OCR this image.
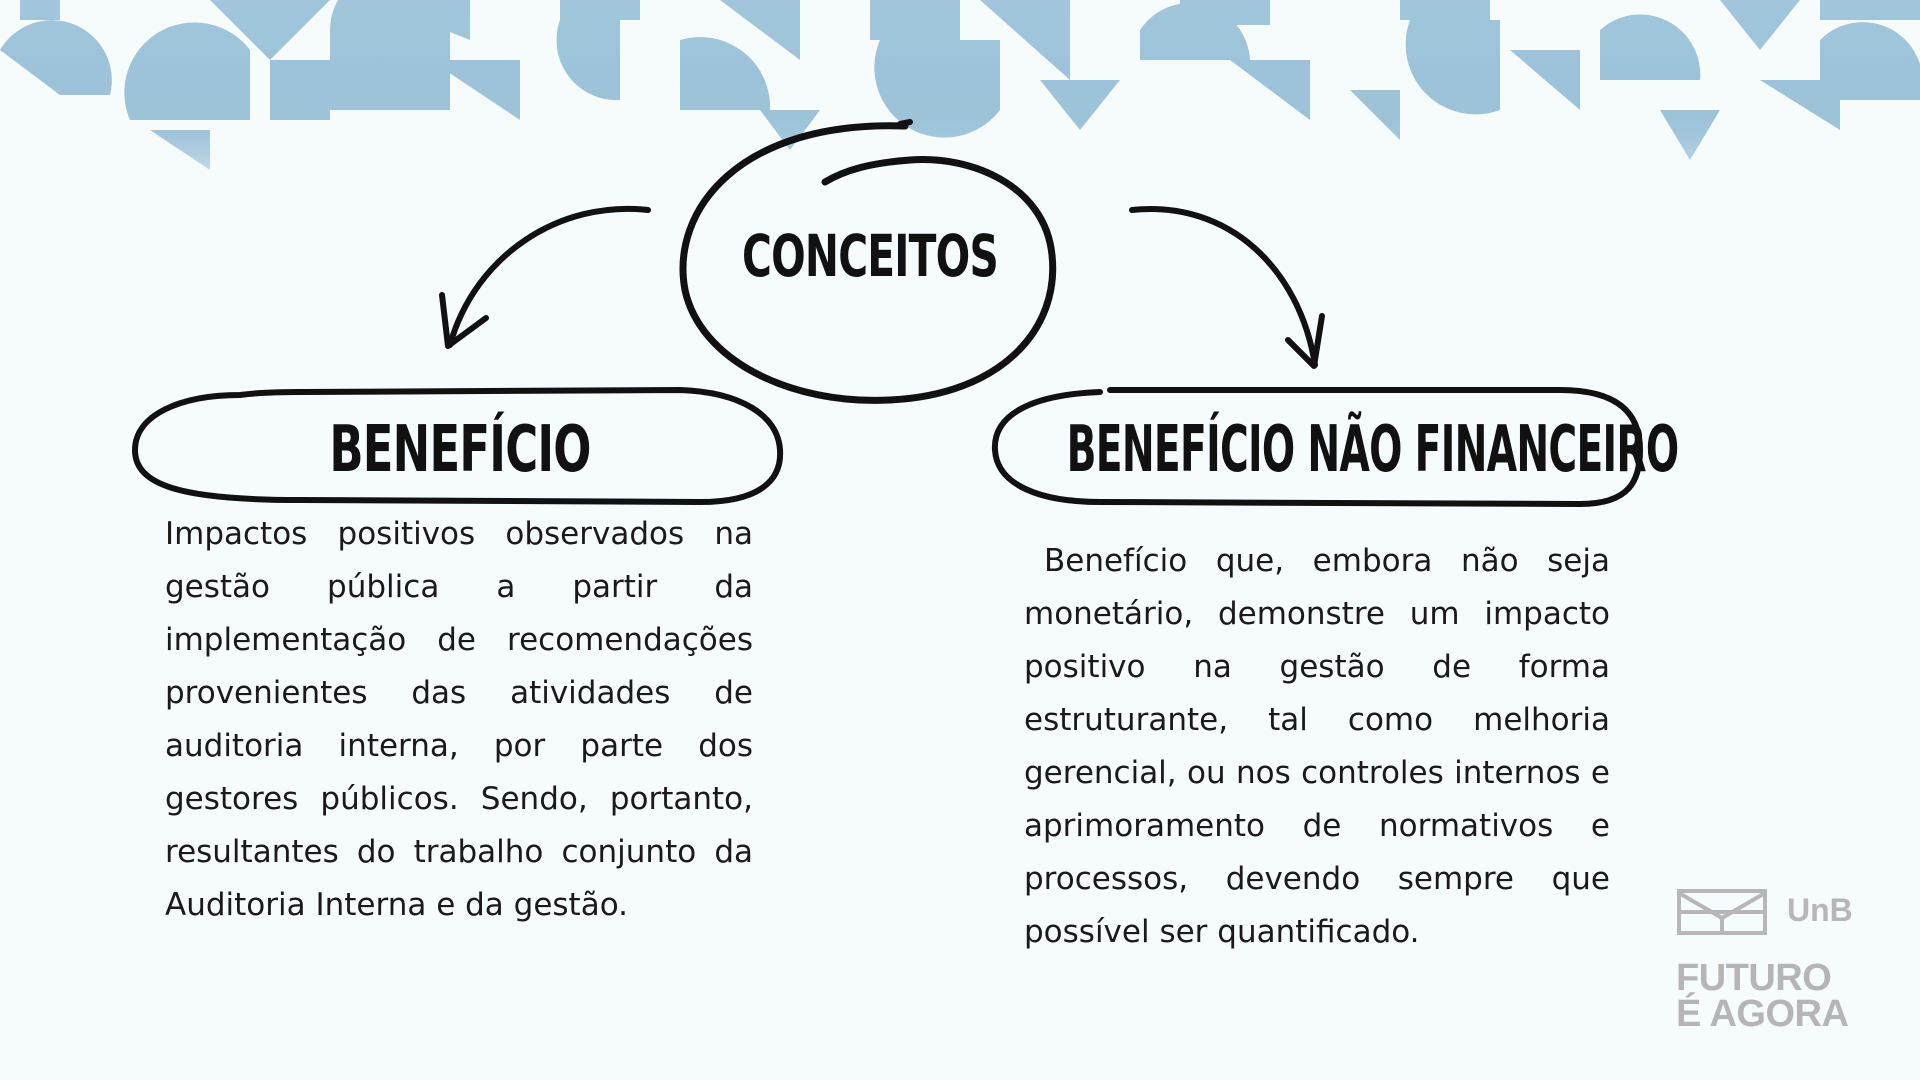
CONCEITOS
BENEFÍCIO	BENEFÍCIO NÃO FINANCEIRO
Impactos positivos observados na gestão pública a partir da implementação de recomendações provenientes das atividades de auditoria interna, por parte dos gestores públicos. Sendo, portanto, resultantes do trabalho conjunto da Auditoria Interna e da gestão.
Benefício que, embora não seja monetário, demonstre um impacto positivo na gestão de forma estruturante, tal como melhoria gerencial, ou nos controles internos e aprimoramento de normativos e processos, devendo sempre que possível ser quantificado.
UnB
FUTURO
É AGORA
